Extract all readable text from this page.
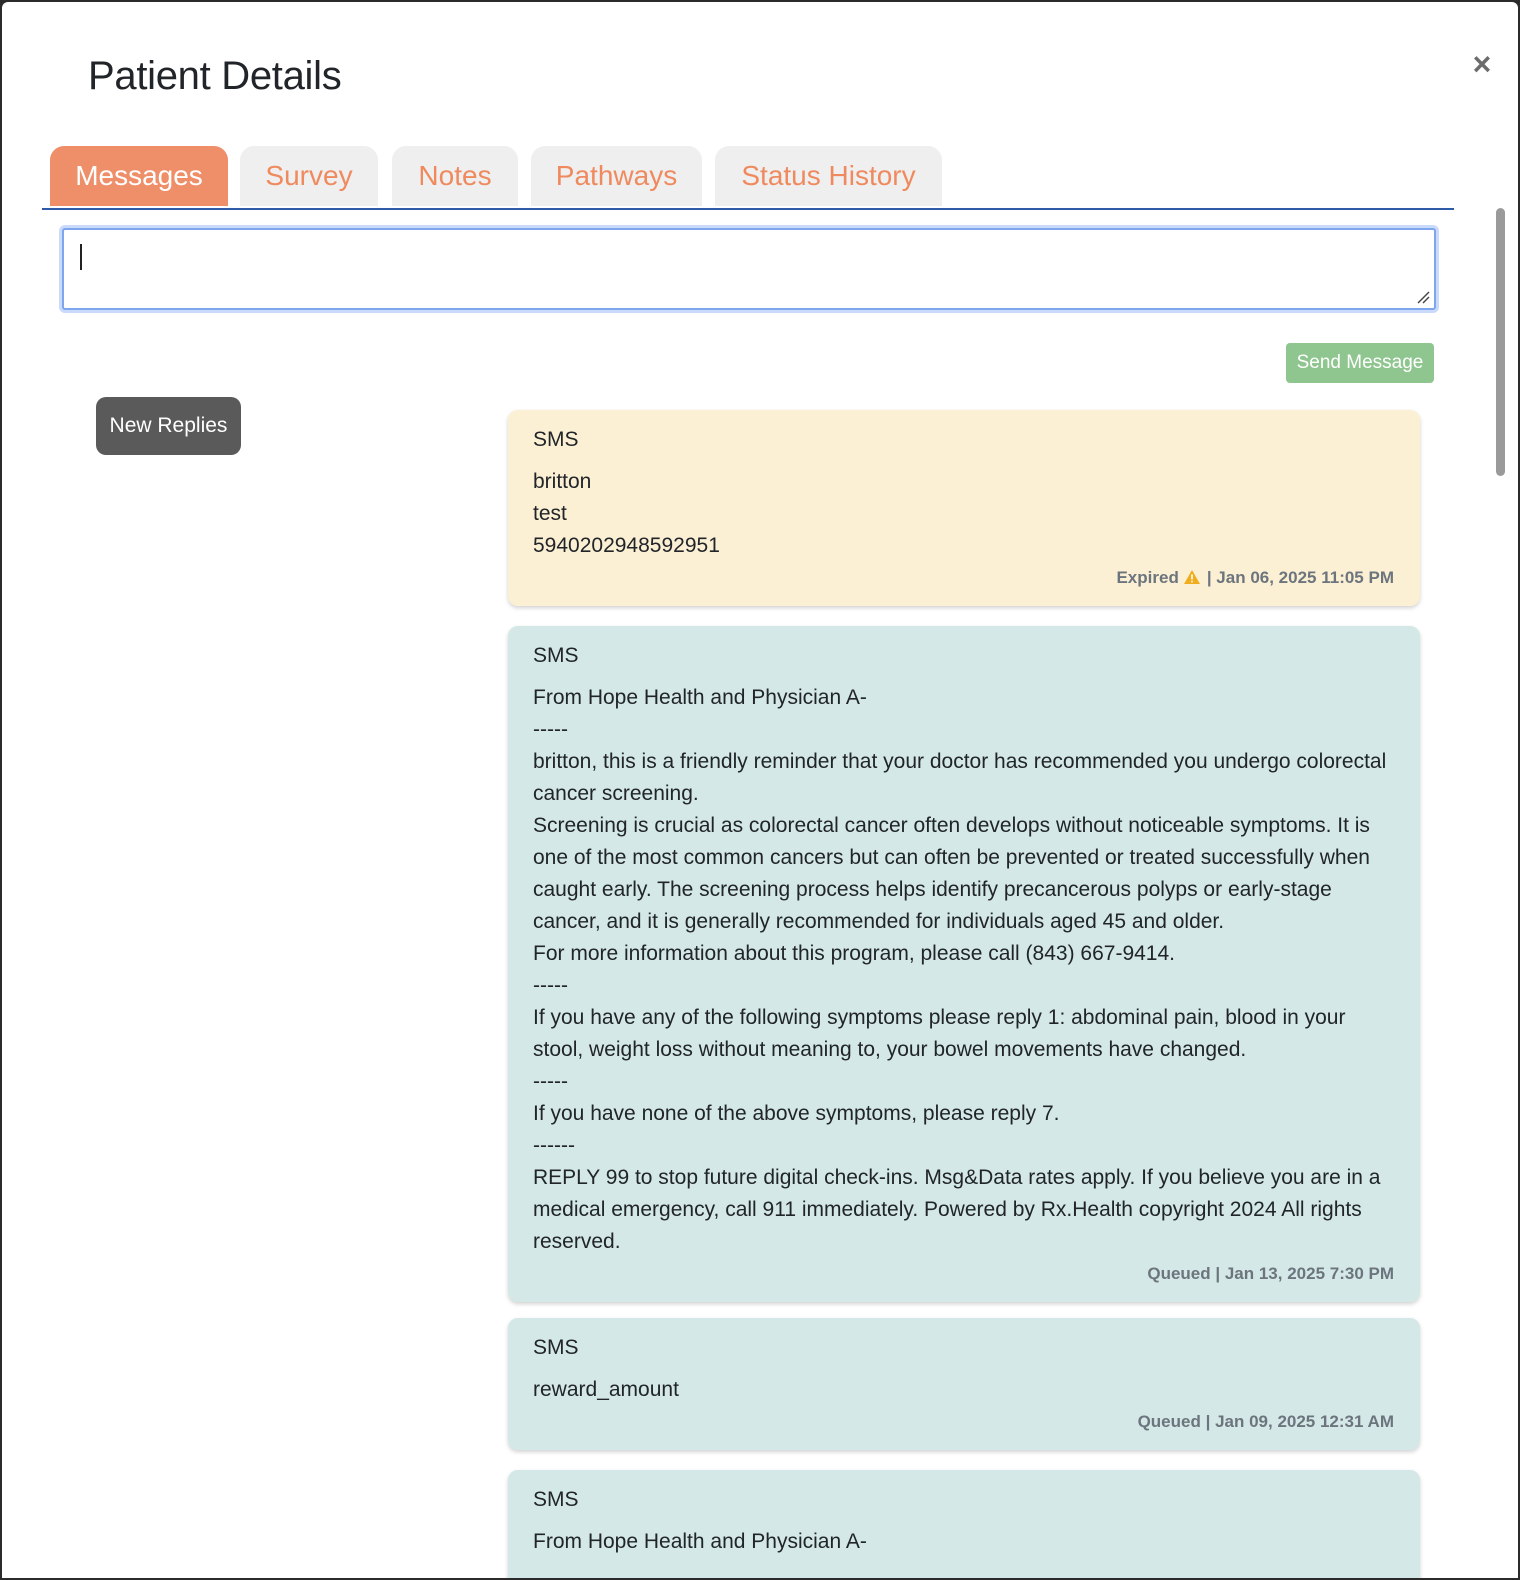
Patient Details	×
Messages	Survey	Notes	Pathways	Status History
Send Message
New Replies
SMS
britton
test
5940202948592951
Expired | Jan 06, 2025 11:05 PM
SMS
From Hope Health and Physician A-
-----
britton, this is a friendly reminder that your doctor has recommended you undergo colorectal cancer screening.
Screening is crucial as colorectal cancer often develops without noticeable symptoms. It is one of the most common cancers but can often be prevented or treated successfully when caught early. The screening process helps identify precancerous polyps or early-stage cancer, and it is generally recommended for individuals aged 45 and older.
For more information about this program, please call (843) 667-9414.
-----
If you have any of the following symptoms please reply 1: abdominal pain, blood in your stool, weight loss without meaning to, your bowel movements have changed.
-----
If you have none of the above symptoms, please reply 7.
------
REPLY 99 to stop future digital check-ins. Msg&Data rates apply. If you believe you are in a medical emergency, call 911 immediately. Powered by Rx.Health copyright 2024 All rights reserved.
Queued | Jan 13, 2025 7:30 PM
SMS
reward_amount
Queued | Jan 09, 2025 12:31 AM
SMS
From Hope Health and Physician A-
